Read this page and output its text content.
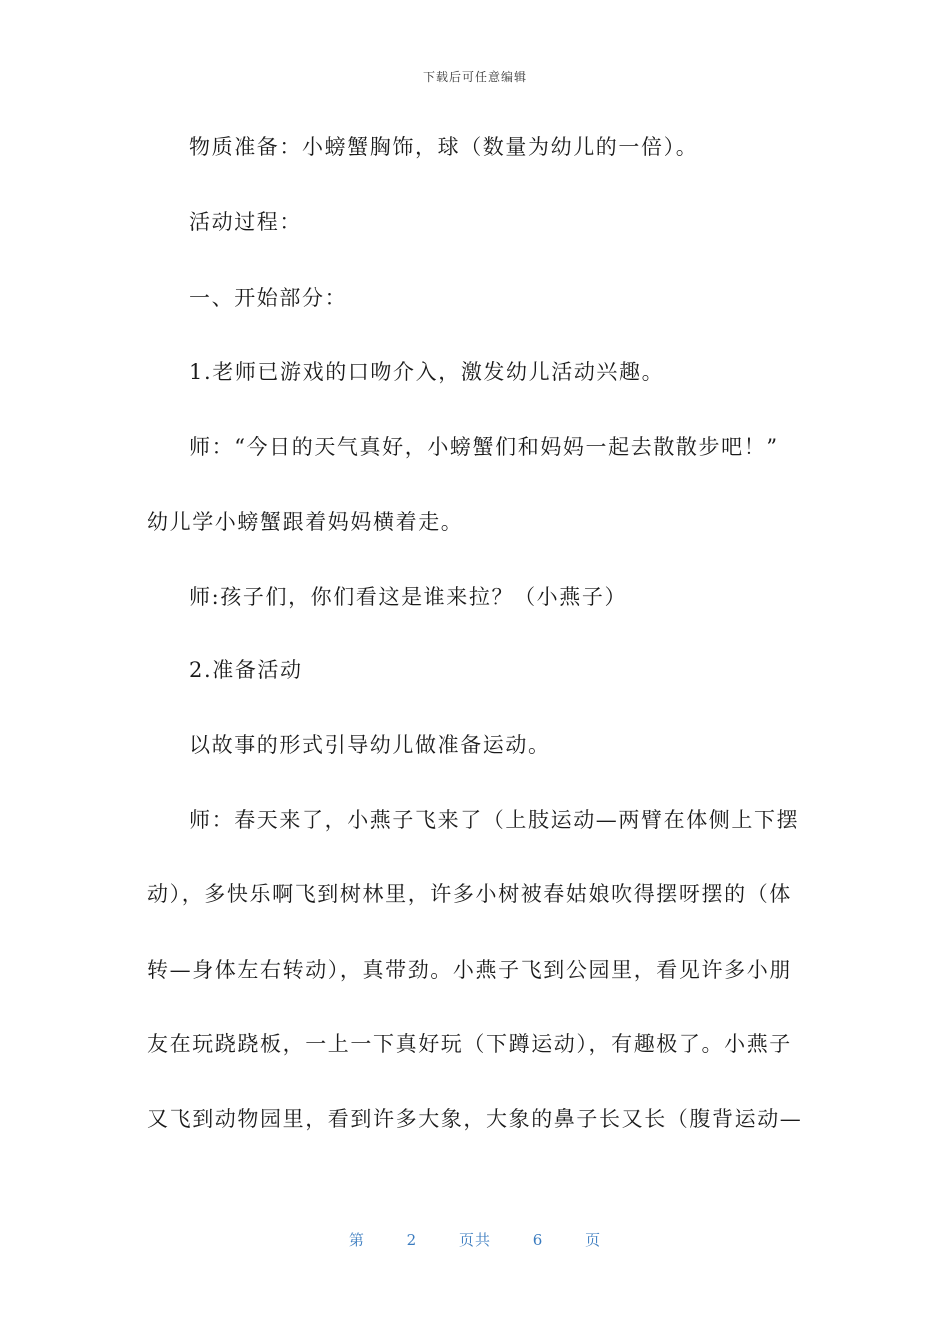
下载后可任意编辑
物质准备：小螃蟹胸饰，球（数量为幼儿的一倍）。
活动过程：
一、开始部分：
1.老师已游戏的口吻介入，激发幼儿活动兴趣。
师：“今日的天气真好，小螃蟹们和妈妈一起去散散步吧！”
幼儿学小螃蟹跟着妈妈横着走。
师:孩子们，你们看这是谁来拉？（小燕子）
2.准备活动
以故事的形式引导幼儿做准备运动。
师：春天来了，小燕子飞来了（上肢运动—两臂在体侧上下摆
动），多快乐啊飞到树林里，许多小树被春姑娘吹得摆呀摆的（体
转—身体左右转动），真带劲。小燕子飞到公园里，看见许多小朋
友在玩跷跷板，一上一下真好玩（下蹲运动），有趣极了。小燕子
又飞到动物园里，看到许多大象，大象的鼻子长又长（腹背运动—
第	2	页共	6	页
